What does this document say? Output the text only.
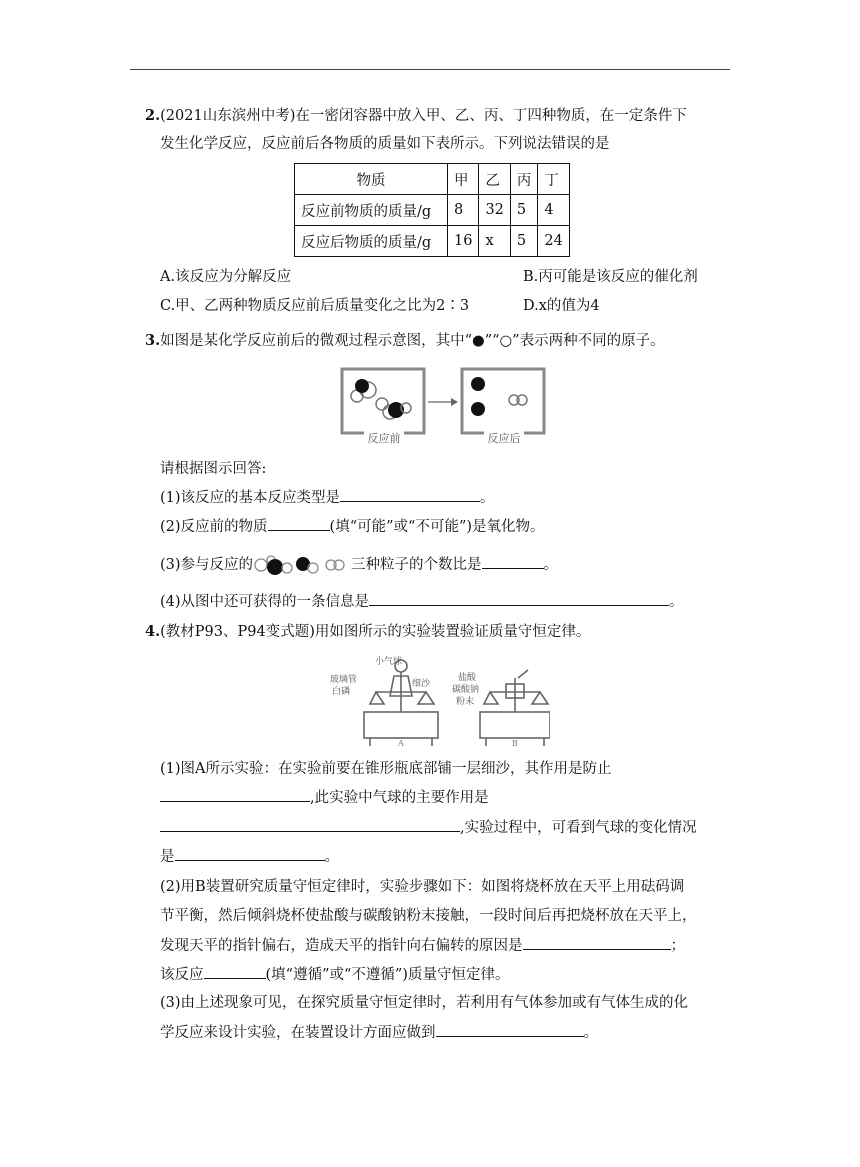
2.(2021山东滨州中考)在一密闭容器中放入甲、乙、丙、丁四种物质，在一定条件下
发生化学反应，反应前后各物质的质量如下表所示。下列说法错误的是
物质	甲	乙	丙	丁
反应前物质的质量/g	8	32	5	4
反应后物质的质量/g	16	x	5	24
A.该反应为分解反应	B.丙可能是该反应的催化剂
C.甲、乙两种物质反应前后质量变化之比为2∶3	D.x的值为4
3.如图是某化学反应前后的微观过程示意图，其中“●”“○”表示两种不同的原子。
反应前	反应后
请根据图示回答:
(1)该反应的基本反应类型是	。
(2)反应前的物质	(填“可能”或“不可能”)是氧化物。
(3)参与反应的	三种粒子的个数比是	。
(4)从图中还可获得的一条信息是	。
4.(教材P93、P94变式题)用如图所示的实验装置验证质量守恒定律。
小气球
玻璃管
白磷
细沙
A
盐酸
碳酸钠
粉末
B
(1)图A所示实验：在实验前要在锥形瓶底部铺一层细沙，其作用是防止
,此实验中气球的主要作用是
,实验过程中，可看到气球的变化情况
是	。
(2)用B装置研究质量守恒定律时，实验步骤如下：如图将烧杯放在天平上用砝码调
节平衡，然后倾斜烧杯使盐酸与碳酸钠粉末接触，一段时间后再把烧杯放在天平上，
发现天平的指针偏右，造成天平的指针向右偏转的原因是	；
该反应	(填“遵循”或“不遵循”)质量守恒定律。
(3)由上述现象可见，在探究质量守恒定律时，若利用有气体参加或有气体生成的化
学反应来设计实验，在装置设计方面应做到	。
